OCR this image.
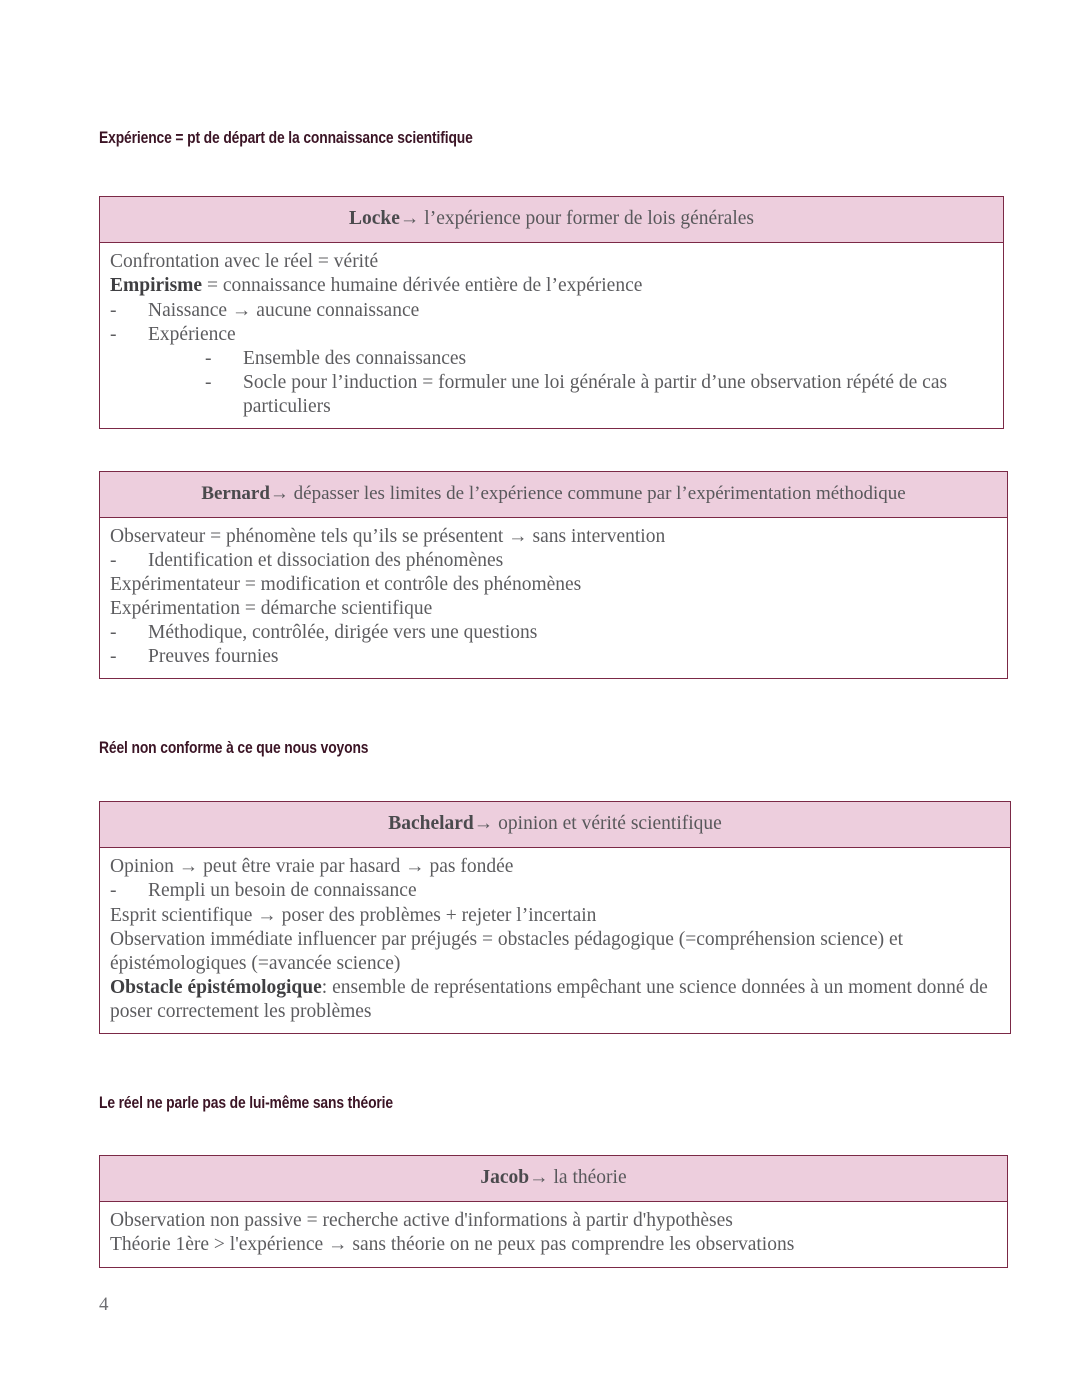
Expérience = pt de départ de la connaissance scientifique
Locke→ l’expérience pour former de lois générales
Confrontation avec le réel = vérité
Empirisme = connaissance humaine dérivée entière de l’expérience
- Naissance → aucune connaissance
- Expérience
- Ensemble des connaissances
- Socle pour l’induction = formuler une loi générale à partir d’une observation répété de cas particuliers
Bernard→ dépasser les limites de l’expérience commune par l’expérimentation méthodique
Observateur = phénomène tels qu’ils se présentent → sans intervention
- Identification et dissociation des phénomènes
Expérimentateur = modification et contrôle des phénomènes
Expérimentation = démarche scientifique
- Méthodique, contrôlée, dirigée vers une questions
- Preuves fournies
Réel non conforme à ce que nous voyons
Bachelard→ opinion et vérité scientifique
Opinion → peut être vraie par hasard → pas fondée
- Rempli un besoin de connaissance
Esprit scientifique → poser des problèmes + rejeter l’incertain
Observation immédiate influencer par préjugés = obstacles pédagogique (=compréhension science) et épistémologiques (=avancée science)
Obstacle épistémologique: ensemble de représentations empêchant une science données à un moment donné de poser correctement les problèmes
Le réel ne parle pas de lui-même sans théorie
Jacob→ la théorie
Observation non passive = recherche active d'informations à partir d'hypothèses
Théorie 1ère > l'expérience → sans théorie on ne peux pas comprendre les observations
4
